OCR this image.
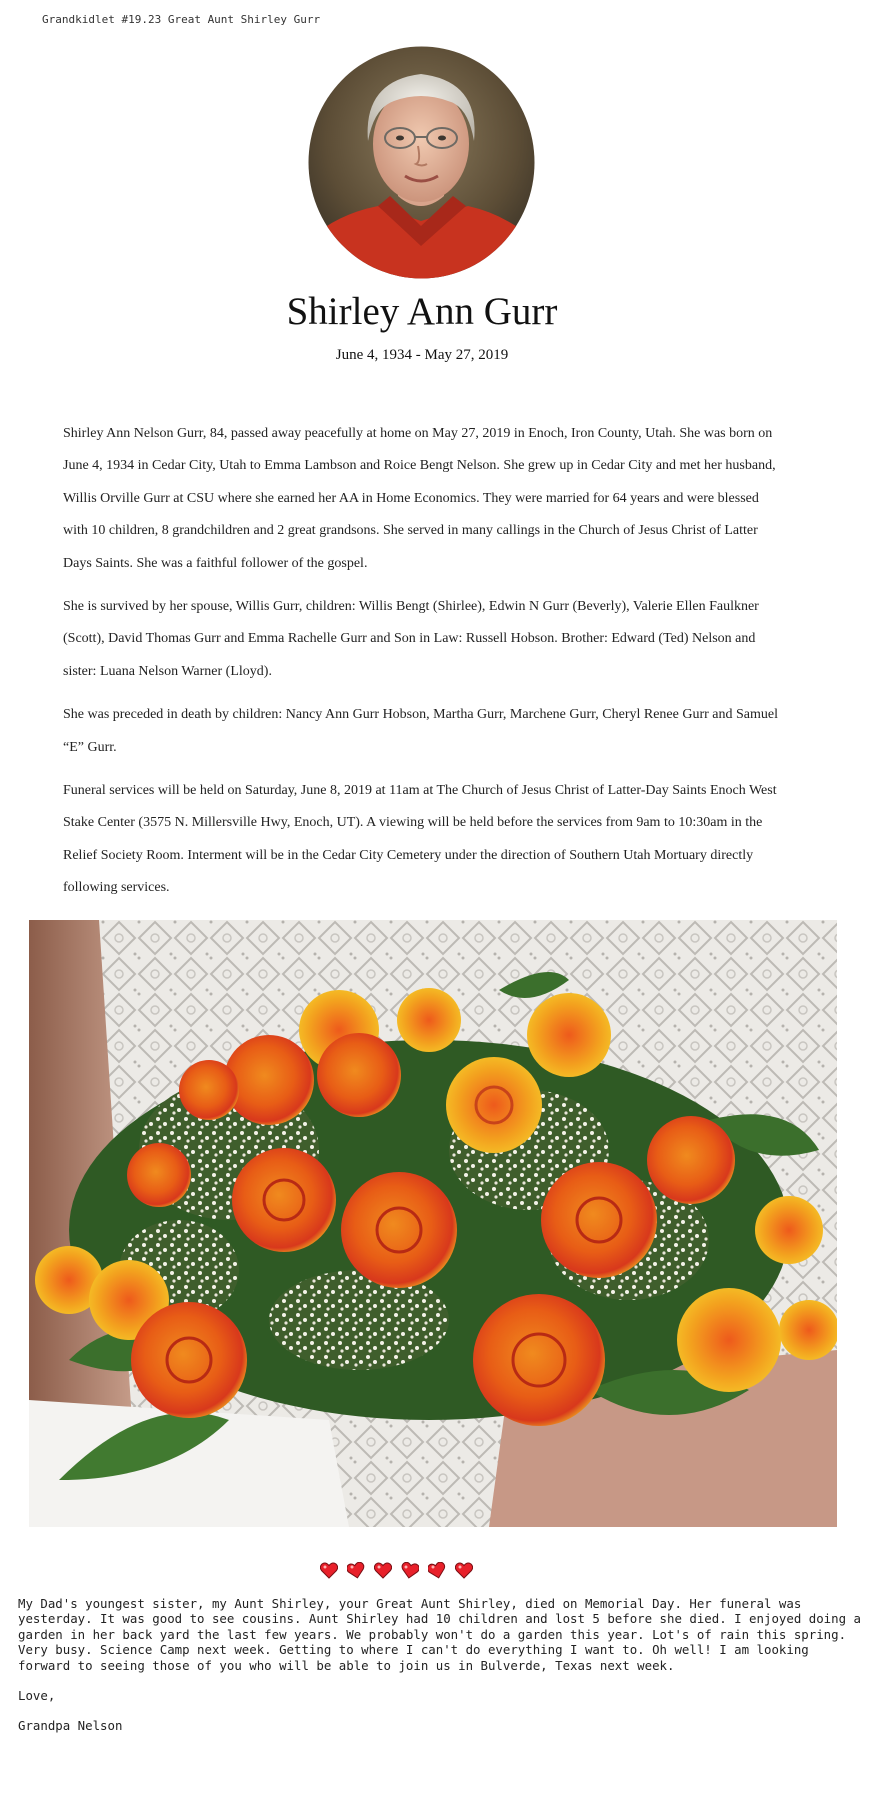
Grandkidlet #19.23 Great Aunt Shirley Gurr
Shirley Ann Gurr
June 4, 1934 - May 27, 2019

Shirley Ann Nelson Gurr, 84, passed away peacefully at home on May 27, 2019 in Enoch, Iron County, Utah. She was born on June 4, 1934 in Cedar City, Utah to Emma Lambson and Roice Bengt Nelson. She grew up in Cedar City and met her husband, Willis Orville Gurr at CSU where she earned her AA in Home Economics. They were married for 64 years and were blessed with 10 children, 8 grandchildren and 2 great grandsons. She served in many callings in the Church of Jesus Christ of Latter Days Saints. She was a faithful follower of the gospel.

She is survived by her spouse, Willis Gurr, children: Willis Bengt (Shirlee), Edwin N Gurr (Beverly), Valerie Ellen Faulkner (Scott), David Thomas Gurr and Emma Rachelle Gurr and Son in Law: Russell Hobson. Brother: Edward (Ted) Nelson and sister: Luana Nelson Warner (Lloyd).

She was preceded in death by children: Nancy Ann Gurr Hobson, Martha Gurr, Marchene Gurr, Cheryl Renee Gurr and Samuel “E” Gurr.

Funeral services will be held on Saturday, June 8, 2019 at 11am at The Church of Jesus Christ of Latter-Day Saints Enoch West Stake Center (3575 N. Millersville Hwy, Enoch, UT). A viewing will be held before the services from 9am to 10:30am in the Relief Society Room. Interment will be in the Cedar City Cemetery under the direction of Southern Utah Mortuary directly following services.

My Dad's youngest sister, my Aunt Shirley, your Great Aunt Shirley, died on Memorial Day. Her funeral was yesterday. It was good to see cousins. Aunt Shirley had 10 children and lost 5 before she died. I enjoyed doing a garden in her back yard the last few years. We probably won't do a garden this year. Lot's of rain this spring. Very busy. Science Camp next week. Getting to where I can't do everything I want to. Oh well! I am looking forward to seeing those of you who will be able to join us in Bulverde, Texas next week.

Love,

Grandpa Nelson
